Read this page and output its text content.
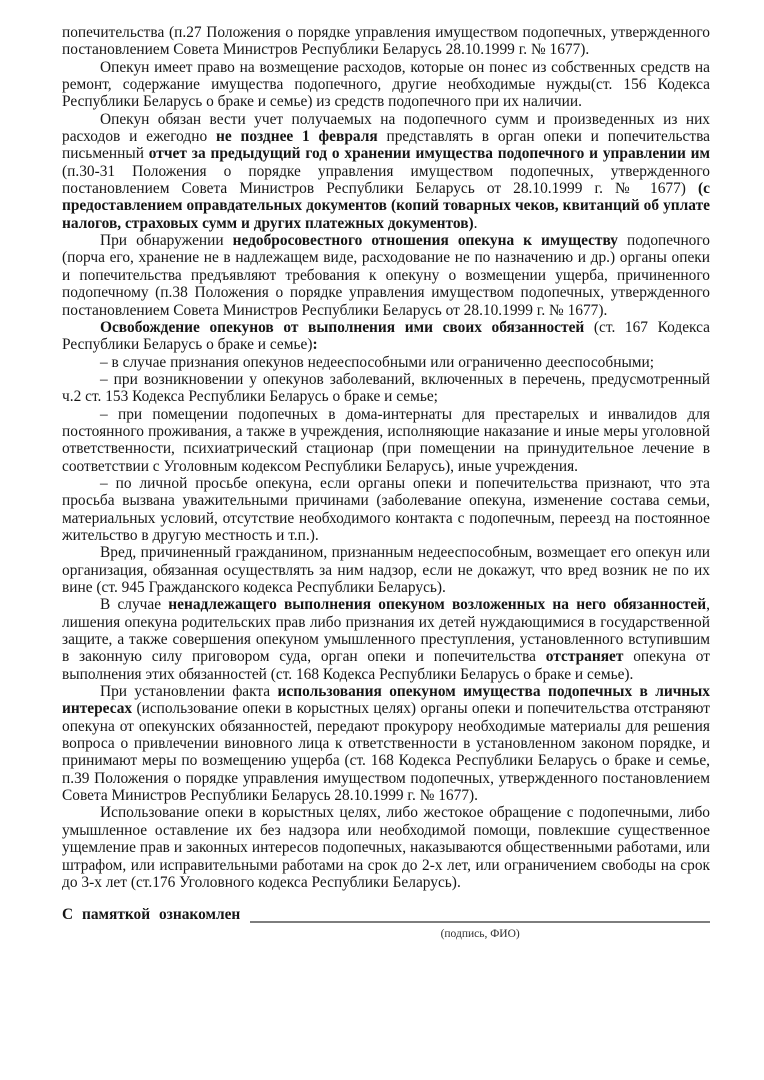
попечительства (п.27 Положения о порядке управления имуществом подопечных, утвержденного постановлением Совета Министров Республики Беларусь 28.10.1999 г. № 1677).

Опекун имеет право на возмещение расходов, которые он понес из собственных средств на ремонт, содержание имущества подопечного, другие необходимые нужды(ст. 156 Кодекса Республики Беларусь о браке и семье) из средств подопечного при их наличии.

Опекун обязан вести учет получаемых на подопечного сумм и произведенных из них расходов и ежегодно не позднее 1 февраля представлять в орган опеки и попечительства письменный отчет за предыдущий год о хранении имущества подопечного и управлении им (п.30-31 Положения о порядке управления имуществом подопечных, утвержденного постановлением Совета Министров Республики Беларусь от 28.10.1999 г. № 1677) (с предоставлением оправдательных документов (копий товарных чеков, квитанций об уплате налогов, страховых сумм и других платежных документов).

При обнаружении недобросовестного отношения опекуна к имуществу подопечного (порча его, хранение не в надлежащем виде, расходование не по назначению и др.) органы опеки и попечительства предъявляют требования к опекуну о возмещении ущерба, причиненного подопечному (п.38 Положения о порядке управления имуществом подопечных, утвержденного постановлением Совета Министров Республики Беларусь от 28.10.1999 г. № 1677).

Освобождение опекунов от выполнения ими своих обязанностей (ст. 167 Кодекса Республики Беларусь о браке и семье):

– в случае признания опекунов недееспособными или ограниченно дееспособными;

– при возникновении у опекунов заболеваний, включенных в перечень, предусмотренный ч.2 ст. 153 Кодекса Республики Беларусь о браке и семье;

– при помещении подопечных в дома-интернаты для престарелых и инвалидов для постоянного проживания, а также в учреждения, исполняющие наказание и иные меры уголовной ответственности, психиатрический стационар (при помещении на принудительное лечение в соответствии с Уголовным кодексом Республики Беларусь), иные учреждения.

– по личной просьбе опекуна, если органы опеки и попечительства признают, что эта просьба вызвана уважительными причинами (заболевание опекуна, изменение состава семьи, материальных условий, отсутствие необходимого контакта с подопечным, переезд на постоянное жительство в другую местность и т.п.).

Вред, причиненный гражданином, признанным недееспособным, возмещает его опекун или организация, обязанная осуществлять за ним надзор, если не докажут, что вред возник не по их вине (ст. 945 Гражданского кодекса Республики Беларусь).

В случае ненадлежащего выполнения опекуном возложенных на него обязанностей, лишения опекуна родительских прав либо признания их детей нуждающимися в государственной защите, а также совершения опекуном умышленного преступления, установленного вступившим в законную силу приговором суда, орган опеки и попечительства отстраняет опекуна от выполнения этих обязанностей (ст. 168 Кодекса Республики Беларусь о браке и семье).

При установлении факта использования опекуном имущества подопечных в личных интересах (использование опеки в корыстных целях) органы опеки и попечительства отстраняют опекуна от опекунских обязанностей, передают прокурору необходимые материалы для решения вопроса о привлечении виновного лица к ответственности в установленном законом порядке, и принимают меры по возмещению ущерба (ст. 168 Кодекса Республики Беларусь о браке и семье, п.39 Положения о порядке управления имуществом подопечных, утвержденного постановлением Совета Министров Республики Беларусь 28.10.1999 г. № 1677).

Использование опеки в корыстных целях, либо жестокое обращение с подопечными, либо умышленное оставление их без надзора или необходимой помощи, повлекшие существенное ущемление прав и законных интересов подопечных, наказываются общественными работами, или штрафом, или исправительными работами на срок до 2-х лет, или ограничением свободы на срок до 3-х лет (ст.176 Уголовного кодекса Республики Беларусь).

С памяткой ознакомлен
(подпись, ФИО)
